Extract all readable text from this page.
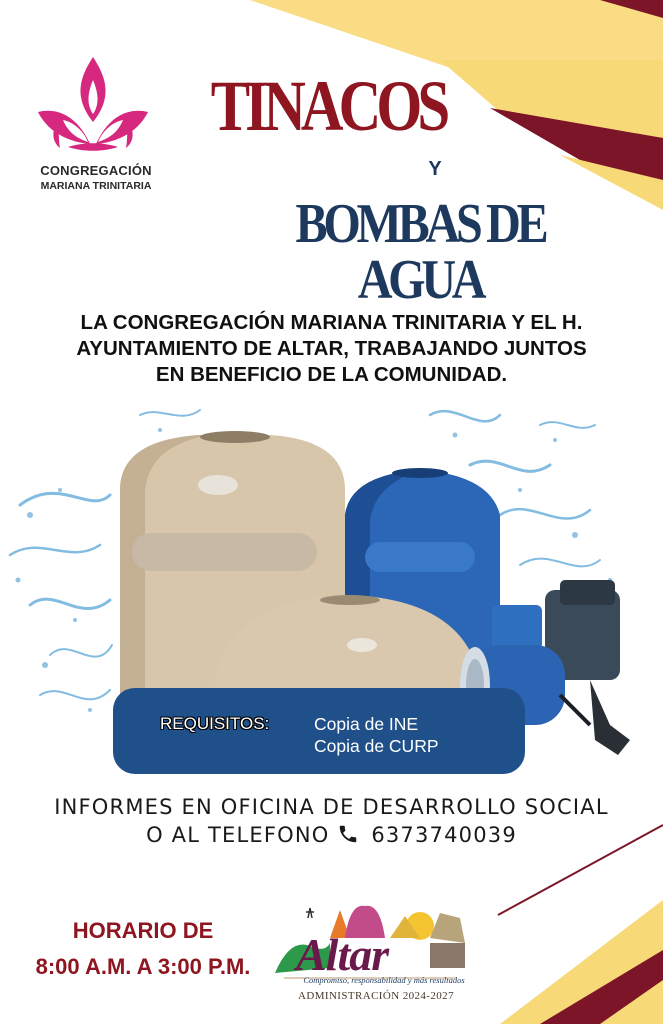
CONGREGACIÓN
MARIANA TRINITARIA
TINACOS
Y
BOMBAS DE AGUA
LA CONGREGACIÓN MARIANA TRINITARIA Y EL H.
AYUNTAMIENTO DE ALTAR, TRABAJANDO JUNTOS
EN BENEFICIO DE LA COMUNIDAD.
REQUISITOS:	Copia de INE
Copia de CURP
INFORMES EN OFICINA DE DESARROLLO SOCIAL
O AL TELEFONO  6373740039
HORARIO DE
8:00 A.M. A 3:00 P.M. Altar
Compromiso, responsabilidad y más resultados
ADMINISTRACIÓN 2024-2027
